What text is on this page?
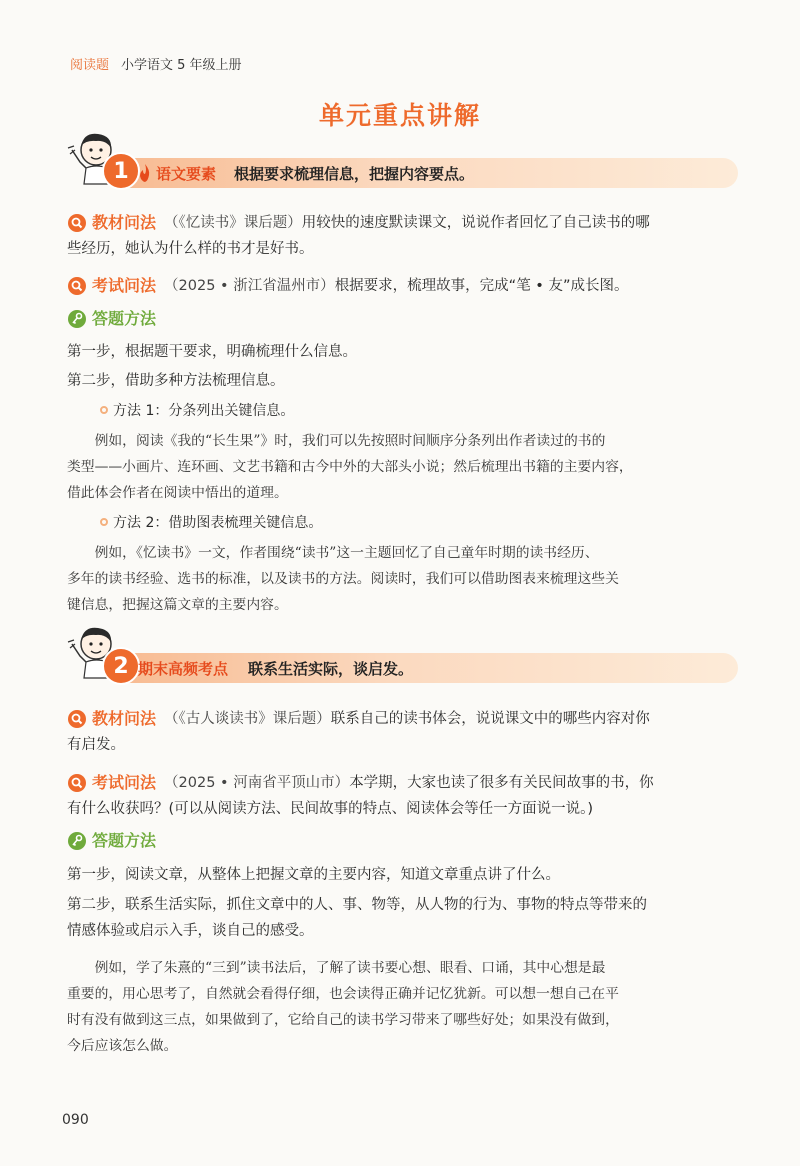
阅读题 小学语文 5 年级上册
单元重点讲解
1	语文要素 根据要求梳理信息，把握内容要点。
教材问法 （《忆读书》课后题）用较快的速度默读课文，说说作者回忆了自己读书的哪
些经历，她认为什么样的书才是好书。
考试问法 （2025 • 浙江省温州市）根据要求，梳理故事，完成“笔 • 友”成长图。
答题方法
第一步，根据题干要求，明确梳理什么信息。
第二步，借助多种方法梳理信息。
方法 1：分条列出关键信息。
例如，阅读《我的“长生果”》时，我们可以先按照时间顺序分条列出作者读过的书的
类型——小画片、连环画、文艺书籍和古今中外的大部头小说；然后梳理出书籍的主要内容，
借此体会作者在阅读中悟出的道理。
方法 2：借助图表梳理关键信息。
例如，《忆读书》一文，作者围绕“读书”这一主题回忆了自己童年时期的读书经历、
多年的读书经验、选书的标准，以及读书的方法。阅读时，我们可以借助图表来梳理这些关
键信息，把握这篇文章的主要内容。
2 期末高频考点 联系生活实际，谈启发。
教材问法 （《古人谈读书》课后题）联系自己的读书体会，说说课文中的哪些内容对你
有启发。
考试问法 （2025 • 河南省平顶山市）本学期，大家也读了很多有关民间故事的书，你
有什么收获吗？(可以从阅读方法、民间故事的特点、阅读体会等任一方面说一说。)
答题方法
第一步，阅读文章，从整体上把握文章的主要内容，知道文章重点讲了什么。
第二步，联系生活实际，抓住文章中的人、事、物等，从人物的行为、事物的特点等带来的
情感体验或启示入手，谈自己的感受。
例如，学了朱熹的“三到”读书法后，了解了读书要心想、眼看、口诵，其中心想是最
重要的，用心思考了，自然就会看得仔细，也会读得正确并记忆犹新。可以想一想自己在平
时有没有做到这三点，如果做到了，它给自己的读书学习带来了哪些好处；如果没有做到，
今后应该怎么做。
090
